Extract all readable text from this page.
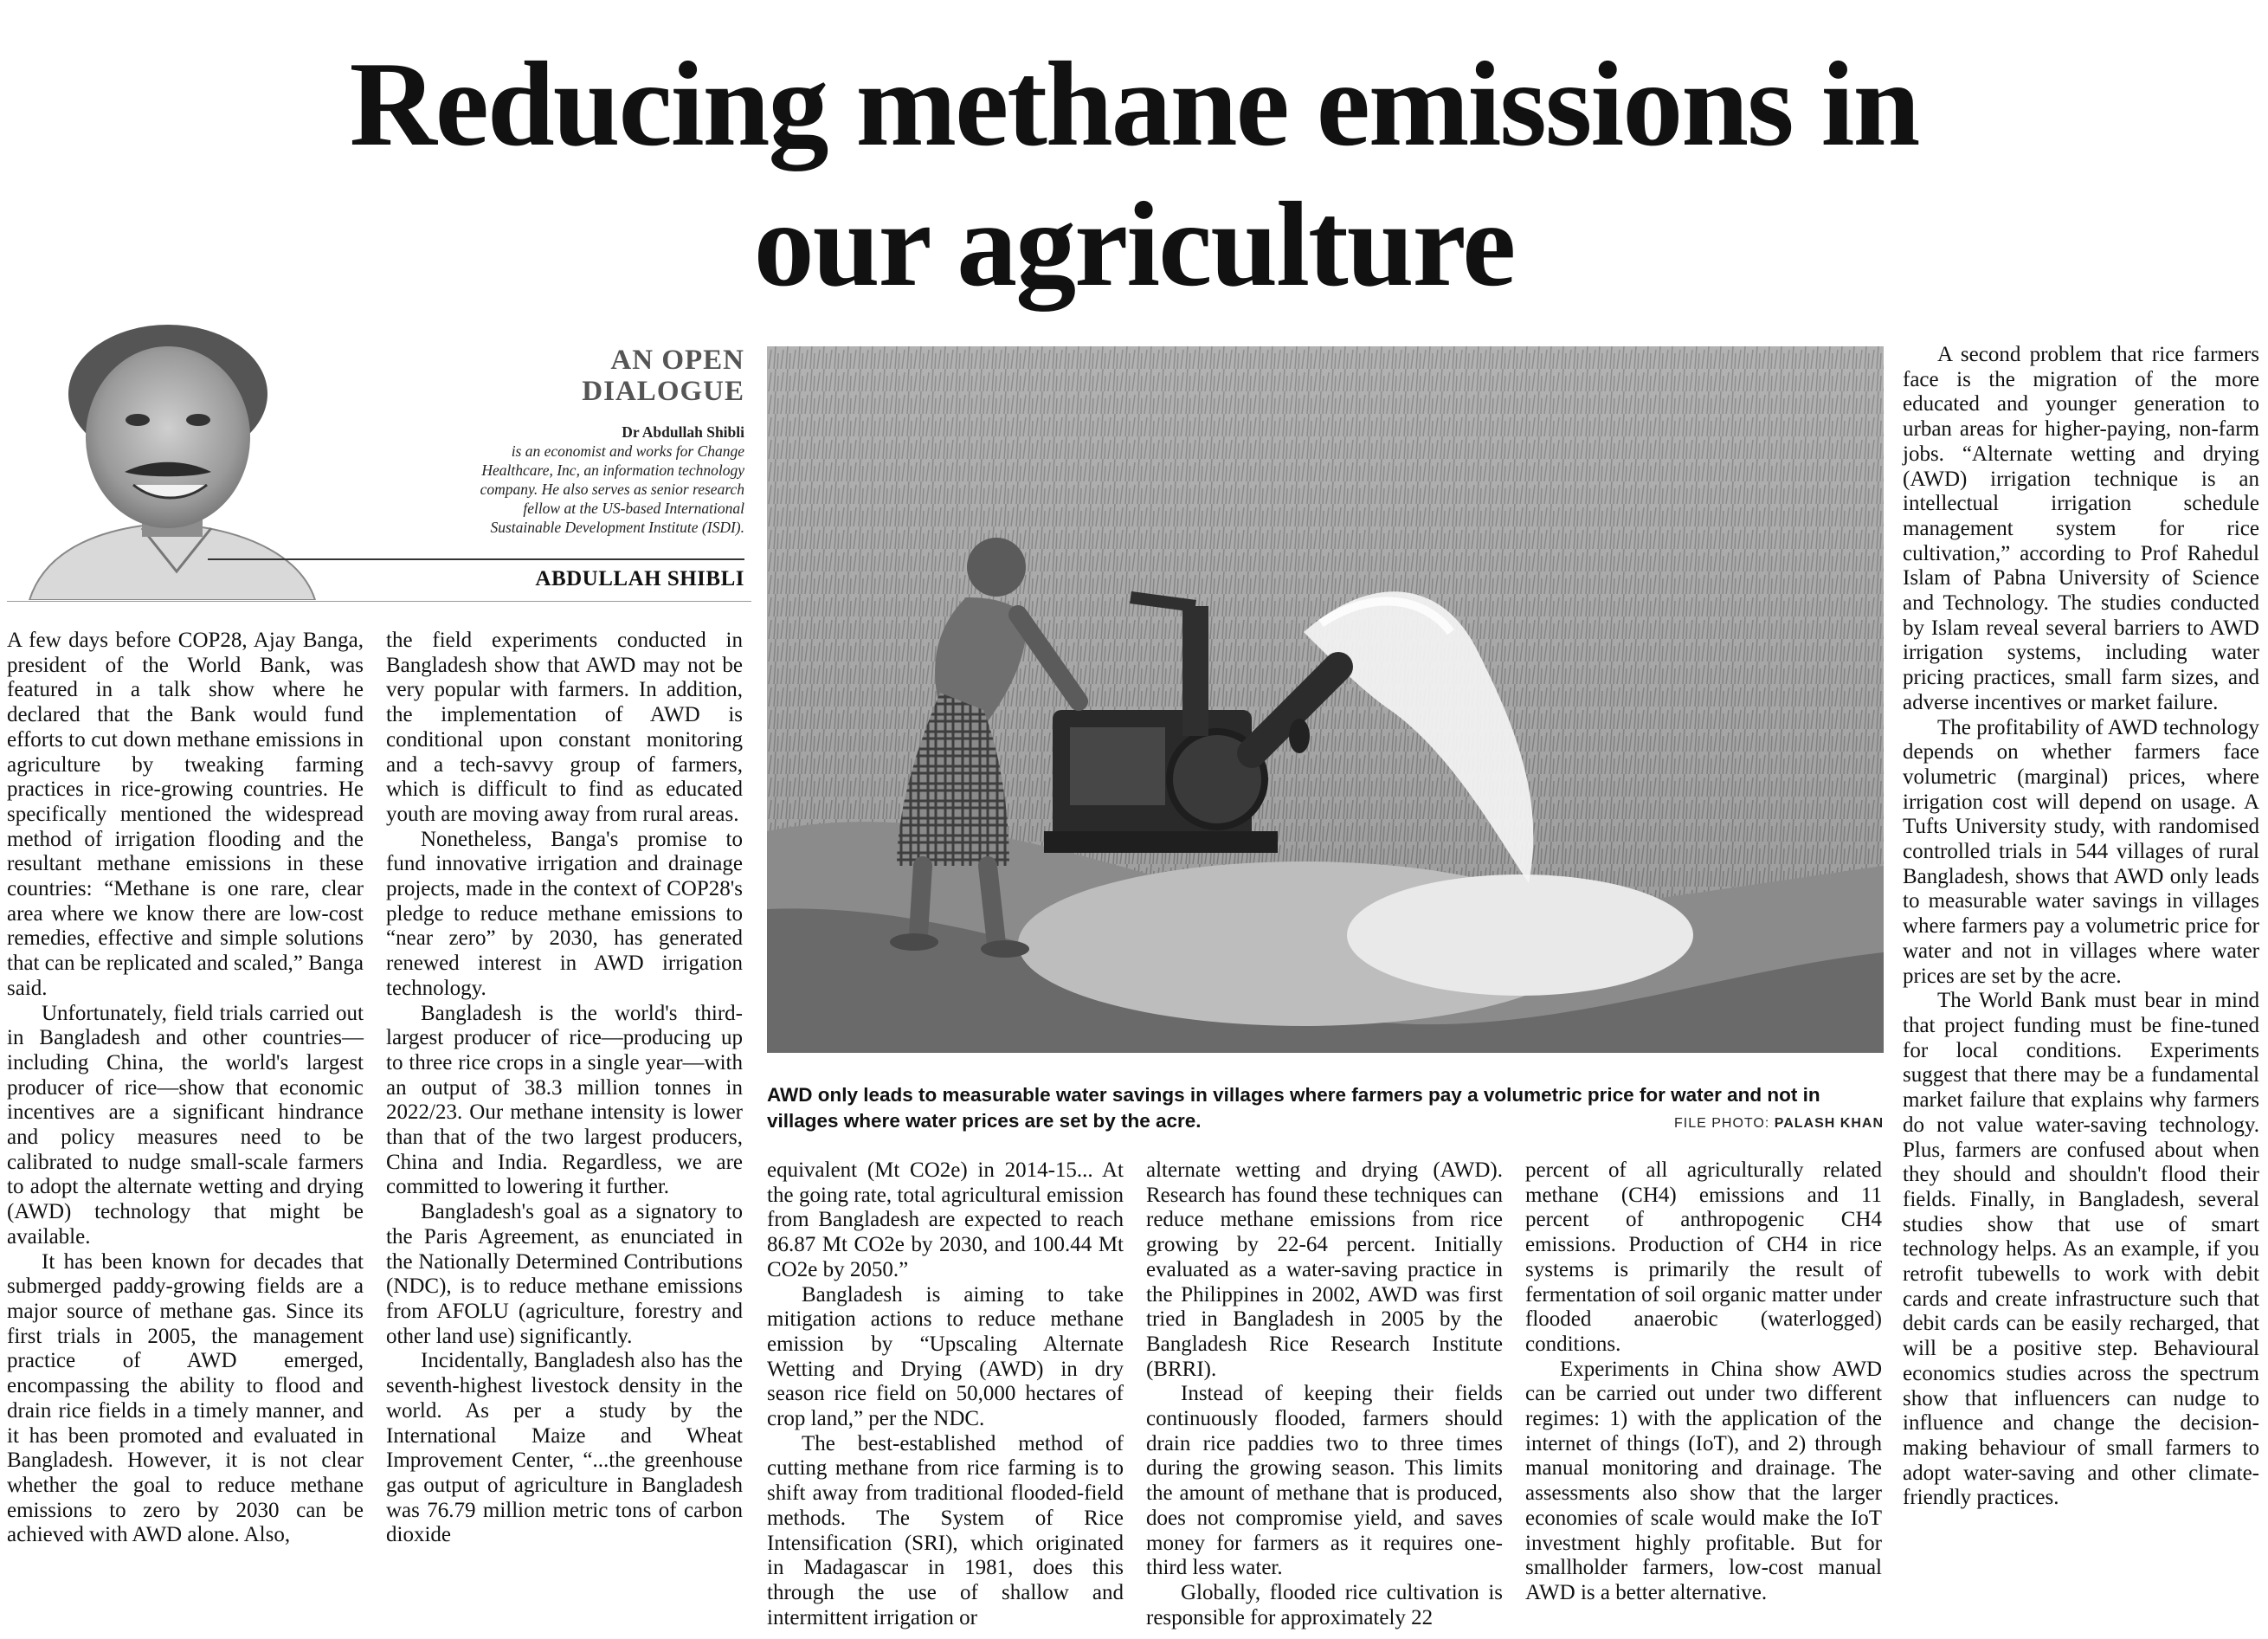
Reducing methane emissions in
our agriculture
AN OPEN
DIALOGUE
Dr Abdullah Shibli
is an economist and works for Change
Healthcare, Inc, an information technology
company. He also serves as senior research
fellow at the US-based International
Sustainable Development Institute (ISDI).
ABDULLAH SHIBLI

A few days before COP28, Ajay Banga, president of the World Bank, was featured in a talk show where he declared that the Bank would fund efforts to cut down methane emissions in agriculture by tweaking farming practices in rice-growing countries. He specifically mentioned the widespread method of irrigation flooding and the resultant methane emissions in these countries: “Methane is one rare, clear area where we know there are low-cost remedies, effective and simple solutions that can be replicated and scaled,” Banga said.

Unfortunately, field trials carried out in Bangladesh and other countries—including China, the world's largest producer of rice—show that economic incentives are a significant hindrance and policy measures need to be calibrated to nudge small-scale farmers to adopt the alternate wetting and drying (AWD) technology that might be available.

It has been known for decades that submerged paddy-growing fields are a major source of methane gas. Since its first trials in 2005, the management practice of AWD emerged, encompassing the ability to flood and drain rice fields in a timely manner, and it has been promoted and evaluated in Bangladesh. However, it is not clear whether the goal to reduce methane emissions to zero by 2030 can be achieved with AWD alone. Also,

the field experiments conducted in Bangladesh show that AWD may not be very popular with farmers. In addition, the implementation of AWD is conditional upon constant monitoring and a tech-savvy group of farmers, which is difficult to find as educated youth are moving away from rural areas.

Nonetheless, Banga's promise to fund innovative irrigation and drainage projects, made in the context of COP28's pledge to reduce methane emissions to “near zero” by 2030, has generated renewed interest in AWD irrigation technology.

Bangladesh is the world's third-largest producer of rice—producing up to three rice crops in a single year—with an output of 38.3 million tonnes in 2022/23. Our methane intensity is lower than that of the two largest producers, China and India. Regardless, we are committed to lowering it further.

Bangladesh's goal as a signatory to the Paris Agreement, as enunciated in the Nationally Determined Contributions (NDC), is to reduce methane emissions from AFOLU (agriculture, forestry and other land use) significantly.

Incidentally, Bangladesh also has the seventh-highest livestock density in the world. As per a study by the International Maize and Wheat Improvement Center, “...the greenhouse gas output of agriculture in Bangladesh was 76.79 million metric tons of carbon dioxide

AWD only leads to measurable water savings in villages where farmers pay a volumetric price for water and not in villages where water prices are set by the acre.	FILE PHOTO: PALASH KHAN

equivalent (Mt CO2e) in 2014-15... At the going rate, total agricultural emission from Bangladesh are expected to reach 86.87 Mt CO2e by 2030, and 100.44 Mt CO2e by 2050.”

Bangladesh is aiming to take mitigation actions to reduce methane emission by “Upscaling Alternate Wetting and Drying (AWD) in dry season rice field on 50,000 hectares of crop land,” per the NDC.

The best-established method of cutting methane from rice farming is to shift away from traditional flooded-field methods. The System of Rice Intensification (SRI), which originated in Madagascar in 1981, does this through the use of shallow and intermittent irrigation or

alternate wetting and drying (AWD). Research has found these techniques can reduce methane emissions from rice growing by 22-64 percent. Initially evaluated as a water-saving practice in the Philippines in 2002, AWD was first tried in Bangladesh in 2005 by the Bangladesh Rice Research Institute (BRRI).

Instead of keeping their fields continuously flooded, farmers should drain rice paddies two to three times during the growing season. This limits the amount of methane that is produced, does not compromise yield, and saves money for farmers as it requires one-third less water.

Globally, flooded rice cultivation is responsible for approximately 22

percent of all agriculturally related methane (CH4) emissions and 11 percent of anthropogenic CH4 emissions. Production of CH4 in rice systems is primarily the result of fermentation of soil organic matter under flooded anaerobic (waterlogged) conditions.

Experiments in China show AWD can be carried out under two different regimes: 1) with the application of the internet of things (IoT), and 2) through manual monitoring and drainage. The assessments also show that the larger economies of scale would make the IoT investment highly profitable. But for smallholder farmers, low-cost manual AWD is a better alternative.

A second problem that rice farmers face is the migration of the more educated and younger generation to urban areas for higher-paying, non-farm jobs. “Alternate wetting and drying (AWD) irrigation technique is an intellectual irrigation schedule management system for rice cultivation,” according to Prof Rahedul Islam of Pabna University of Science and Technology. The studies conducted by Islam reveal several barriers to AWD irrigation systems, including water pricing practices, small farm sizes, and adverse incentives or market failure.

The profitability of AWD technology depends on whether farmers face volumetric (marginal) prices, where irrigation cost will depend on usage. A Tufts University study, with randomised controlled trials in 544 villages of rural Bangladesh, shows that AWD only leads to measurable water savings in villages where farmers pay a volumetric price for water and not in villages where water prices are set by the acre.

The World Bank must bear in mind that project funding must be fine-tuned for local conditions. Experiments suggest that there may be a fundamental market failure that explains why farmers do not value water-saving technology. Plus, farmers are confused about when they should and shouldn't flood their fields. Finally, in Bangladesh, several studies show that use of smart technology helps. As an example, if you retrofit tubewells to work with debit cards and create infrastructure such that debit cards can be easily recharged, that will be a positive step. Behavioural economics studies across the spectrum show that influencers can nudge to influence and change the decision-making behaviour of small farmers to adopt water-saving and other climate-friendly practices.
